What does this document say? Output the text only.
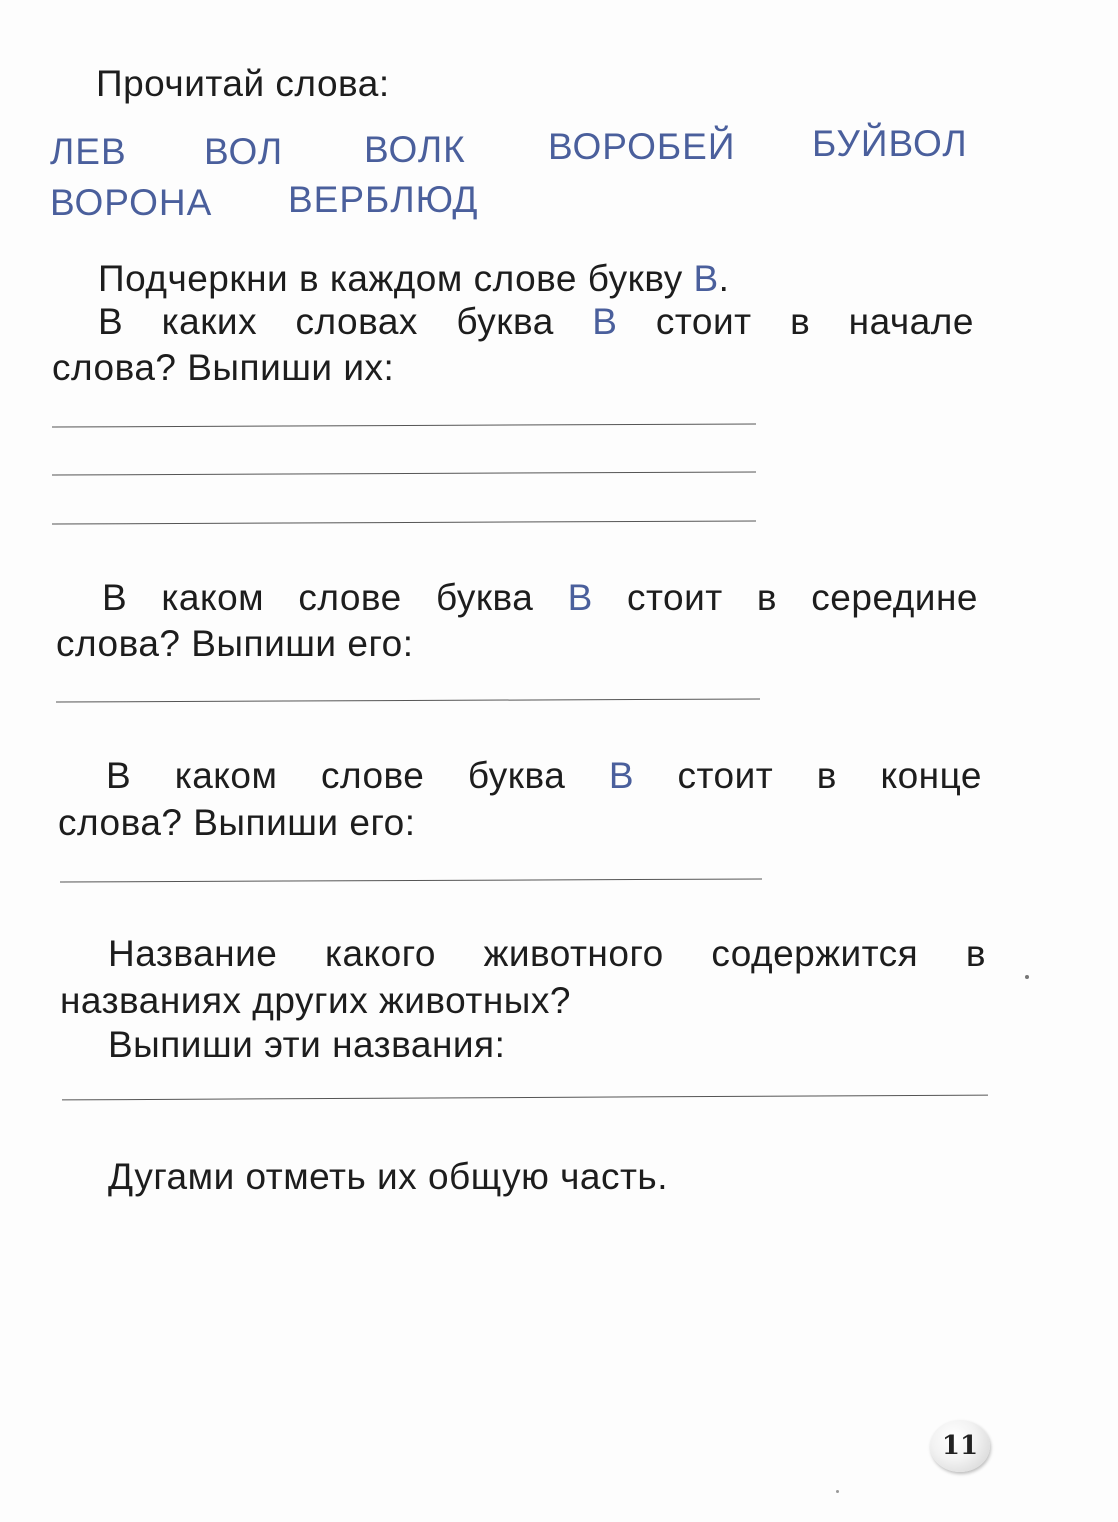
Прочитай слова:
ЛЕВ ВОЛ ВОЛК ВОРОБЕЙ БУЙВОЛ
ВОРОНА ВЕРБЛЮД
Подчеркни в каждом слове букву В.
В каких словах буква В стоит в начале
слова? Выпиши их:
В каком слове буква В стоит в середине
слова? Выпиши его:
В каком слове буква В стоит в конце
слова? Выпиши его:
Название какого животного содержится в
названиях других животных?
Выпиши эти названия:
Дугами отметь их общую часть.
11
